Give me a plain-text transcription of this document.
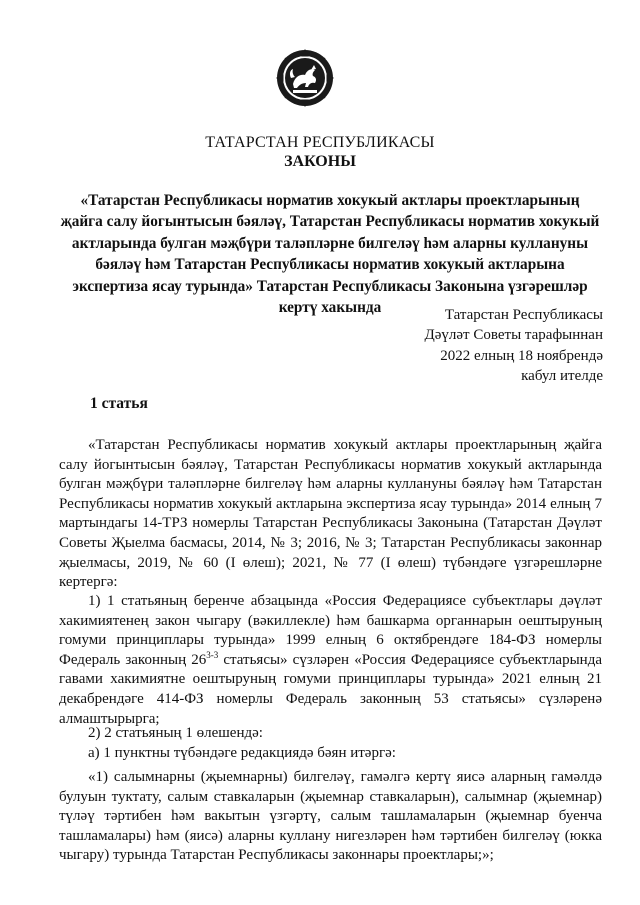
ТАТАРСТАН РЕСПУБЛИКАСЫ
ЗАКОНЫ
«Татарстан Республикасы норматив хокукый актлары проектларының җайга салу йогынтысын бәяләү, Татарстан Республикасы норматив хокукый актларында булган мәҗбүри таләпләрне билгеләү һәм аларны куллануны бәяләү һәм Татарстан Республикасы норматив хокукый актларына экспертиза ясау турында» Татарстан Республикасы Законына үзгәрешләр кертү хакында	Татарстан Республикасы
Дәүләт Советы тарафыннан
2022 елның 18 ноябрендә
кабул ителде
1 статья
«Татарстан Республикасы норматив хокукый актлары проектларының җайга салу йогынтысын бәяләү, Татарстан Республикасы норматив хокукый актларында булган мәҗбүри таләпләрне билгеләү һәм аларны куллануны бәяләү һәм Татарстан Республикасы норматив хокукый актларына экспертиза ясау турында» 2014 елның 7 мартындагы 14-ТРЗ номерлы Татарстан Республикасы Законына (Татарстан Дәүләт Советы Җыелма басмасы, 2014, № 3; 2016, № 3; Татарстан Республикасы законнар җыелмасы, 2019, № 60 (I өлеш); 2021, № 77 (I өлеш) түбәндәге үзгәрешләрне кертергә:
1) 1 статьяның беренче абзацында «Россия Федерациясе субъектлары дәүләт хакимиятенең закон чыгару (вәкиллекле) һәм башкарма органнарын оештыруның гомуми принциплары турында» 1999 елның 6 октябрендәге 184-ФЗ номерлы Федераль законның 26$^{3-3}$ статьясы» сүзләрен «Россия Федерациясе субъектларында гавами хакимиятне оештыруның гомуми принциплары турында» 2021 елның 21 декабрендәге 414-ФЗ номерлы Федераль законның 53 статьясы» сүзләренә алмаштырырга;
2) 2 статьяның 1 өлешендә:
а) 1 пунктны түбәндәге редакциядә бәян итәргә:
«1) салымнарны (җыемнарны) билгеләү, гамәлгә кертү яисә аларның гамәлдә булуын туктату, салым ставкаларын (җыемнар ставкаларын), салымнар (җыемнар) түләү тәртибен һәм вакытын үзгәртү, салым ташламаларын (җыемнар буенча ташламалары) һәм (яисә) аларны куллану нигезләрен һәм тәртибен билгеләү (юкка чыгару) турында Татарстан Республикасы законнары проектлары;»;
